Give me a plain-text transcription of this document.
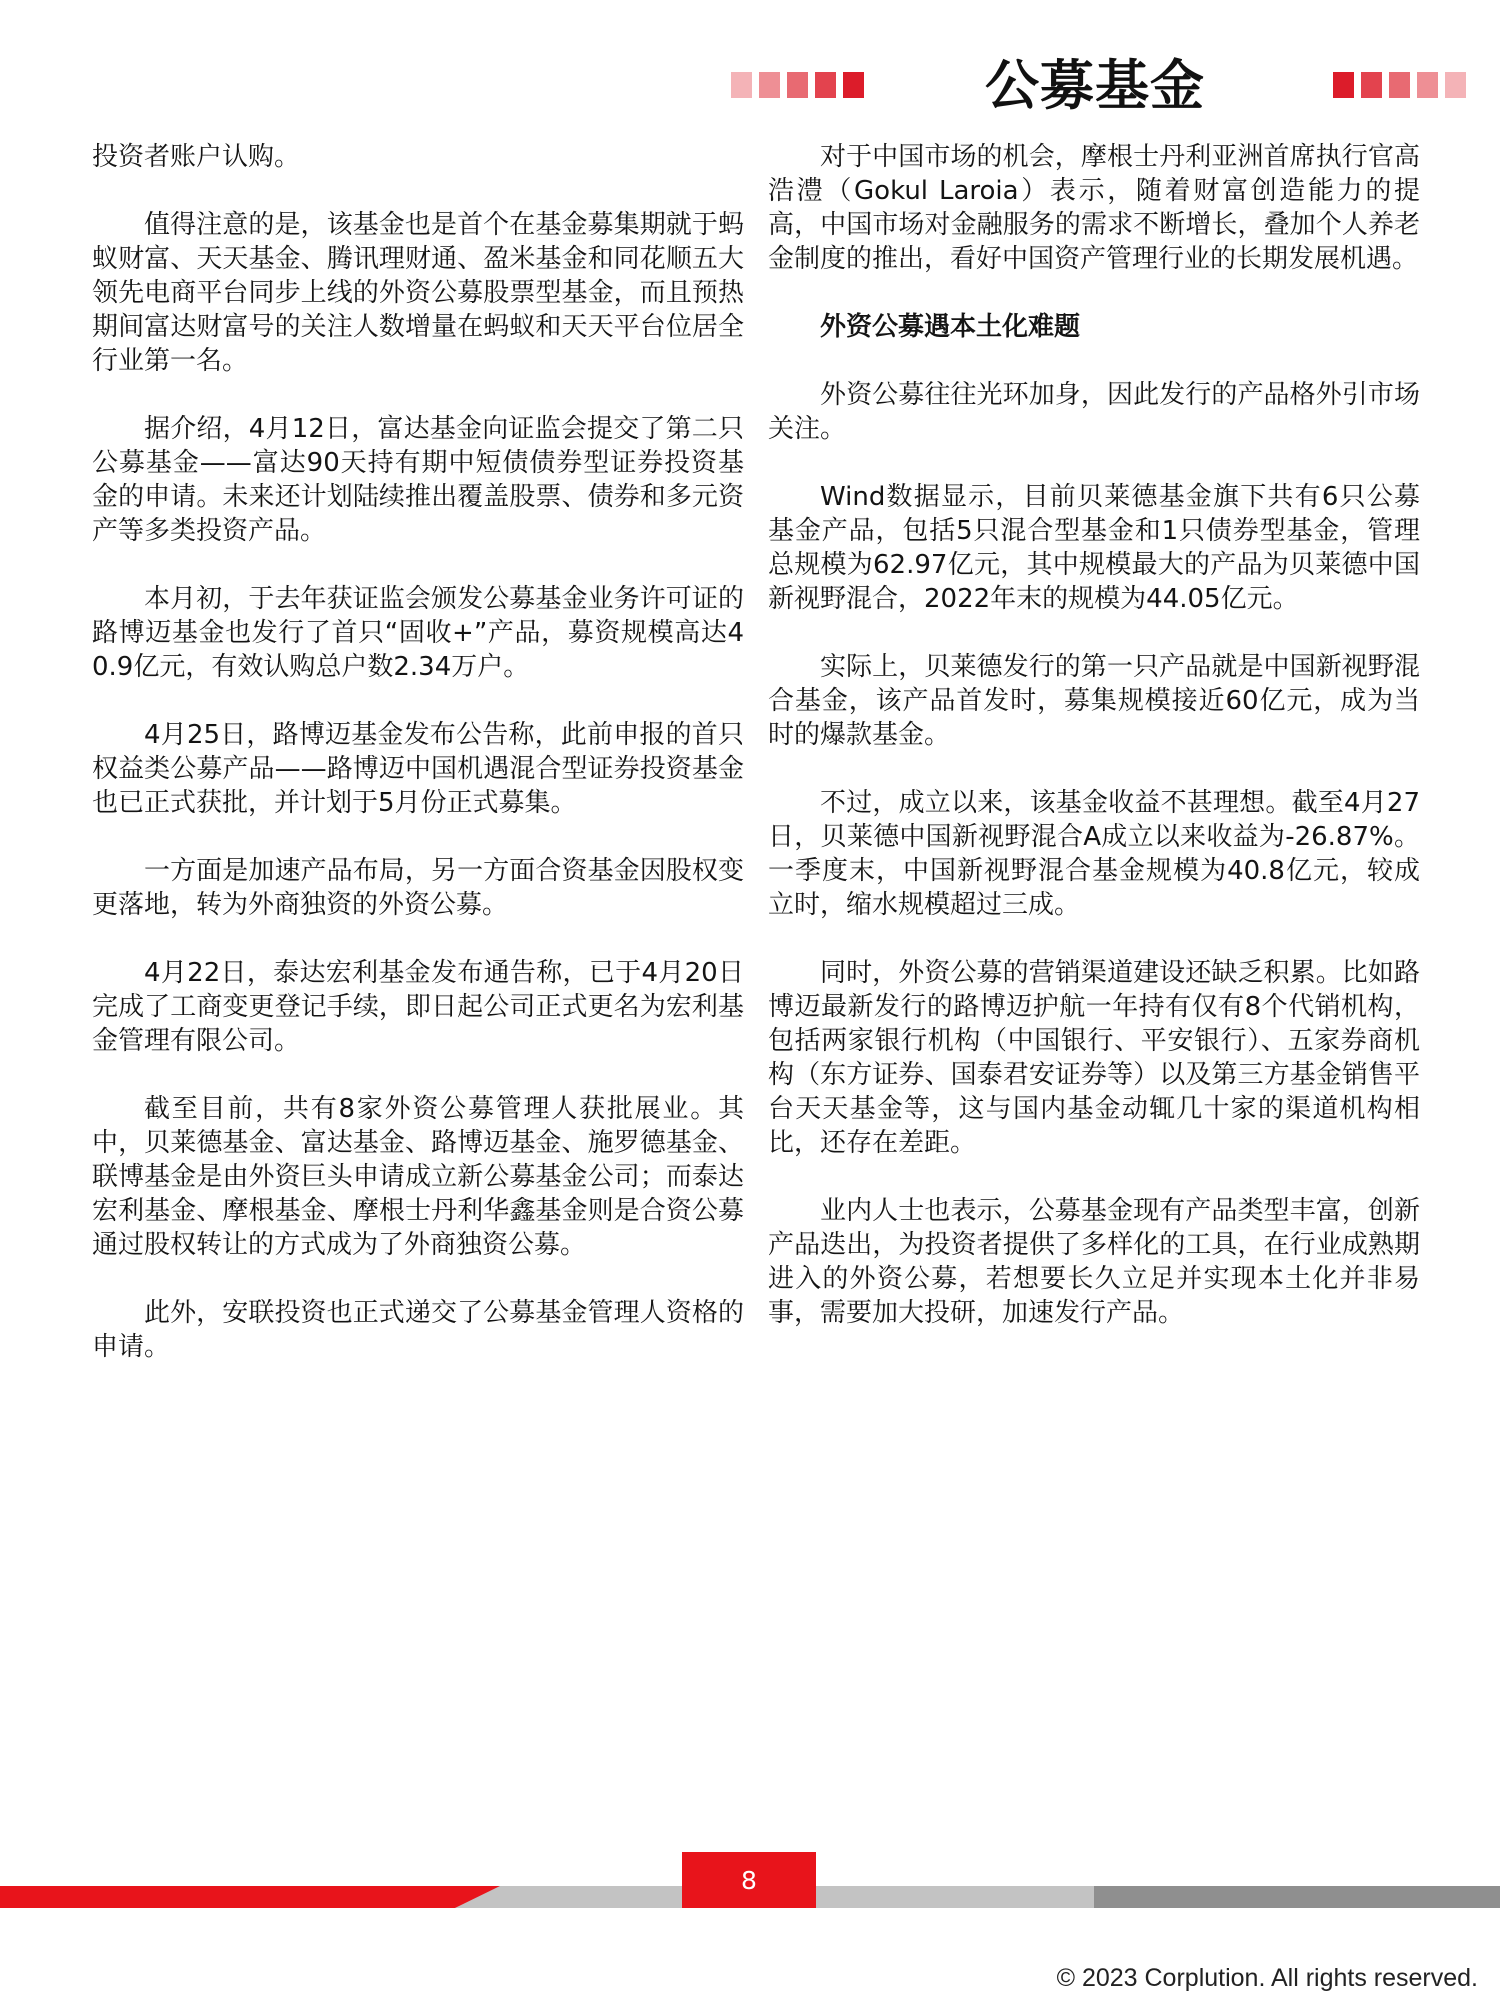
公募基金

投资者账户认购。

值得注意的是，该基金也是首个在基金募集期就于蚂蚁财富、天天基金、腾讯理财通、盈米基金和同花顺五大领先电商平台同步上线的外资公募股票型基金，而且预热期间富达财富号的关注人数增量在蚂蚁和天天平台位居全行业第一名。

据介绍，4月12日，富达基金向证监会提交了第二只公募基金——富达90天持有期中短债债券型证券投资基金的申请。未来还计划陆续推出覆盖股票、债券和多元资产等多类投资产品。

本月初，于去年获证监会颁发公募基金业务许可证的路博迈基金也发行了首只“固收+”产品，募资规模高达40.9亿元，有效认购总户数2.34万户。

4月25日，路博迈基金发布公告称，此前申报的首只权益类公募产品——路博迈中国机遇混合型证券投资基金也已正式获批，并计划于5月份正式募集。

一方面是加速产品布局，另一方面合资基金因股权变更落地，转为外商独资的外资公募。

4月22日，泰达宏利基金发布通告称，已于4月20日完成了工商变更登记手续，即日起公司正式更名为宏利基金管理有限公司。

截至目前，共有8家外资公募管理人获批展业。其中，贝莱德基金、富达基金、路博迈基金、施罗德基金、联博基金是由外资巨头申请成立新公募基金公司；而泰达宏利基金、摩根基金、摩根士丹利华鑫基金则是合资公募通过股权转让的方式成为了外商独资公募。

此外，安联投资也正式递交了公募基金管理人资格的申请。

对于中国市场的机会，摩根士丹利亚洲首席执行官高浩澧（Gokul Laroia）表示，随着财富创造能力的提高，中国市场对金融服务的需求不断增长，叠加个人养老金制度的推出，看好中国资产管理行业的长期发展机遇。

外资公募遇本土化难题

外资公募往往光环加身，因此发行的产品格外引市场关注。

Wind数据显示，目前贝莱德基金旗下共有6只公募基金产品，包括5只混合型基金和1只债券型基金，管理总规模为62.97亿元，其中规模最大的产品为贝莱德中国新视野混合，2022年末的规模为44.05亿元。

实际上，贝莱德发行的第一只产品就是中国新视野混合基金，该产品首发时，募集规模接近60亿元，成为当时的爆款基金。

不过，成立以来，该基金收益不甚理想。截至4月27日，贝莱德中国新视野混合A成立以来收益为-26.87%。一季度末，中国新视野混合基金规模为40.8亿元，较成立时，缩水规模超过三成。

同时，外资公募的营销渠道建设还缺乏积累。比如路博迈最新发行的路博迈护航一年持有仅有8个代销机构，包括两家银行机构（中国银行、平安银行）、五家券商机构（东方证券、国泰君安证券等）以及第三方基金销售平台天天基金等，这与国内基金动辄几十家的渠道机构相比，还存在差距。

业内人士也表示，公募基金现有产品类型丰富，创新产品迭出，为投资者提供了多样化的工具，在行业成熟期进入的外资公募，若想要长久立足并实现本土化并非易事，需要加大投研，加速发行产品。

8
© 2023 Corplution. All rights reserved.
